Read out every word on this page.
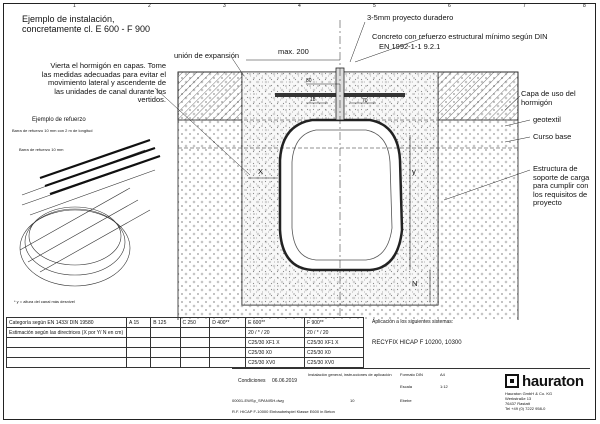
1	2	3	4	5	6	7	8
Ejemplo de instalación,
concretamente cl. E 600 - F 900
3-5mm proyecto duradero
Concreto con refuerzo estructural mínimo según DIN
EN 1992-1-1 9.2.1
unión de expansión	max. 200
Vierta el hormigón en capas. Tome
las medidas adecuadas para evitar el
movimiento lateral y ascendente de
las unidades de canal durante los
vertidos.
Ejemplo de refuerzo
Barra de refuerzo 10 mm con 2 m de longitud
Barra de refuerzo 10 mm
* y = altura del canal más desnivel
Capa de uso del
hormigón
geotextil
Curso base
Estructura de
soporte de carga
para cumplir con
los requisitos de
proyecto
80
70
18
X	y
N
Categoría según EN 1433/ DIN 19580	A 15	B 125	C 250	D 400**	E 600**	F 900**
Estimación según las directrices (X por Y/ N en cm)					20 / * / 20	20 / * / 20
					C25/30 XF1 X	C25/30 XF1 X
					C25/30 X0	C25/30 X0
					C25/30 XV0	C25/30 XV0
Aplicación a los siguientes sistemas:
RECYFIX HICAP F 10200, 10300
Condiciones 06.06.2019
Instalación general, instrucciones de aplicación	Formato DIN	A4
Escala	1:12
Ebebe
00001-EWSp_SPANISH.dwg	10
R.F. HICAP F-10000 Einbaubeispiel Klasse E600 in Beton
hauraton
Hauraton GmbH & Co. KG
Werkstraße 13
76437 Rastatt
Tel +49 (0) 7222 958-0
